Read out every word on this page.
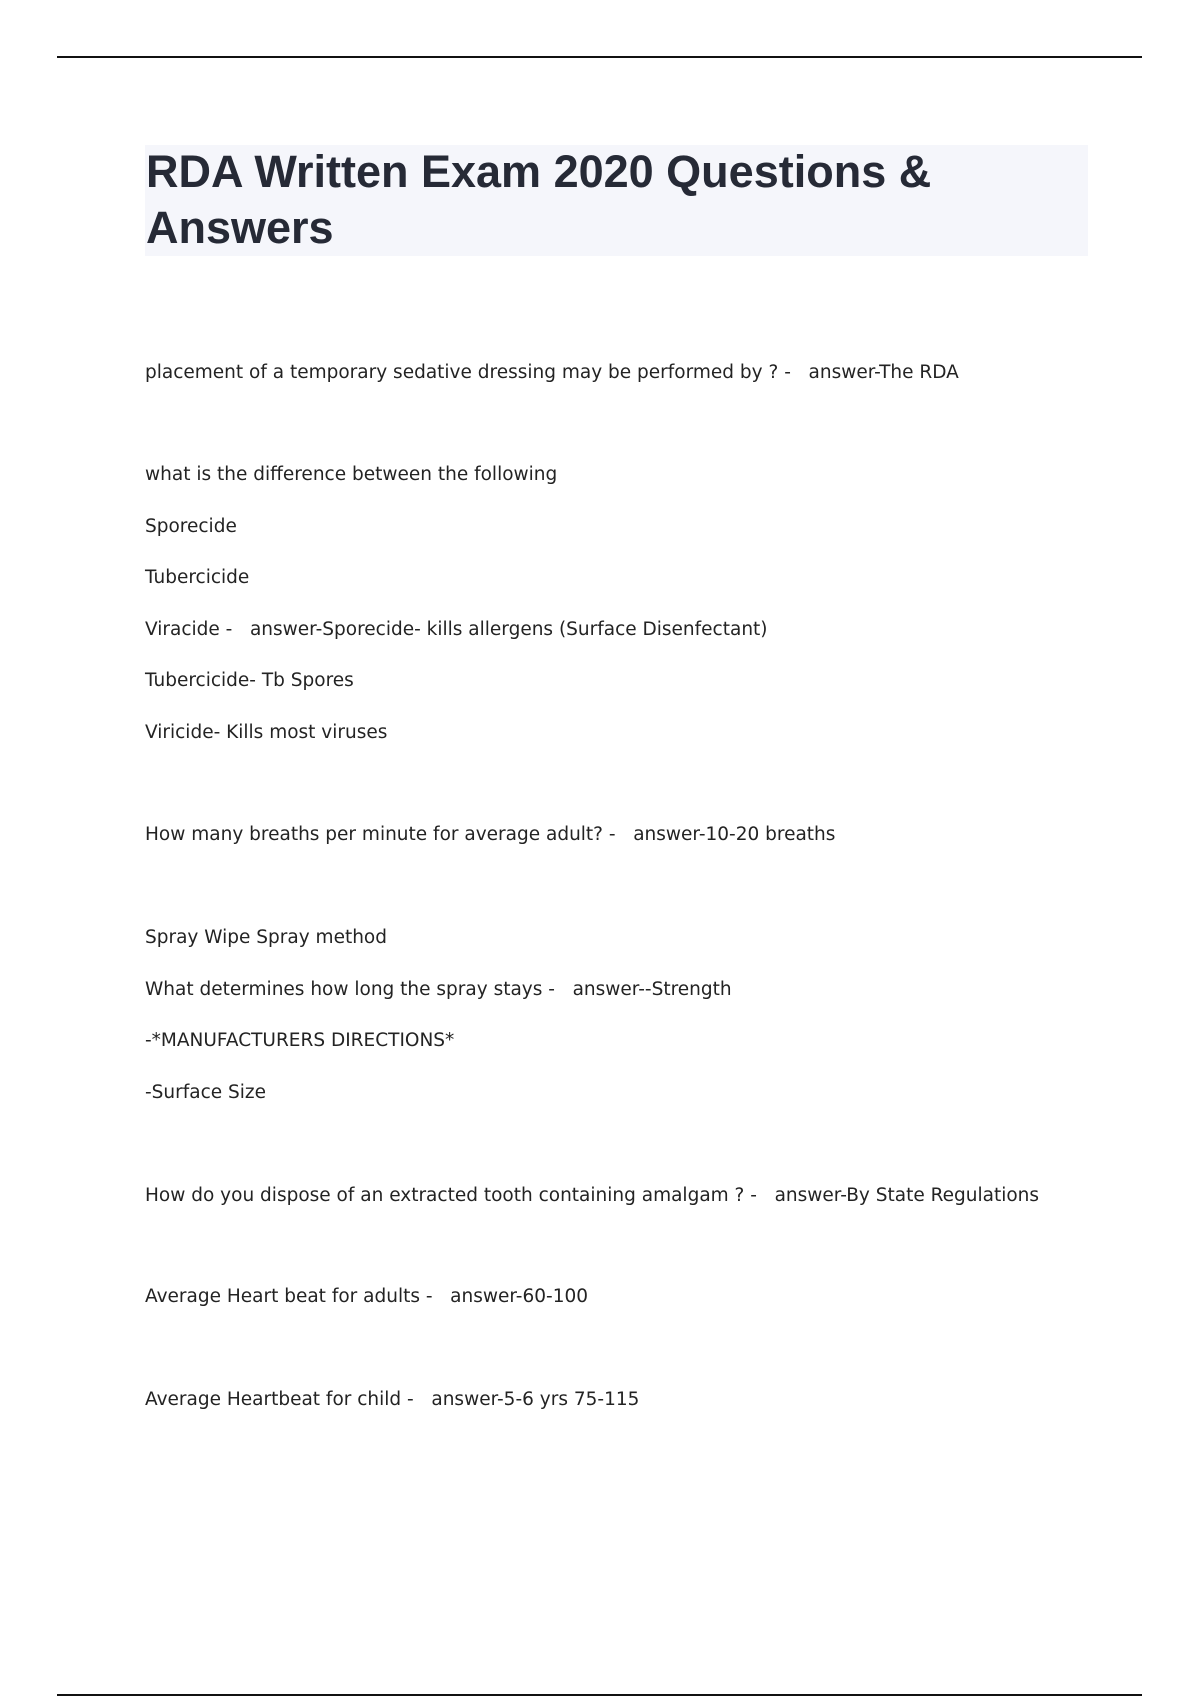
RDA Written Exam 2020 Questions & Answers

placement of a temporary sedative dressing may be performed by ? -   answer-The RDA

what is the difference between the following

Sporecide

Tubercicide

Viracide -   answer-Sporecide- kills allergens (Surface Disenfectant)

Tubercicide- Tb Spores

Viricide- Kills most viruses

How many breaths per minute for average adult? -   answer-10-20 breaths

Spray Wipe Spray method

What determines how long the spray stays -   answer--Strength

-*MANUFACTURERS DIRECTIONS*

-Surface Size

How do you dispose of an extracted tooth containing amalgam ? -   answer-By State Regulations

Average Heart beat for adults -   answer-60-100

Average Heartbeat for child -   answer-5-6 yrs 75-115
